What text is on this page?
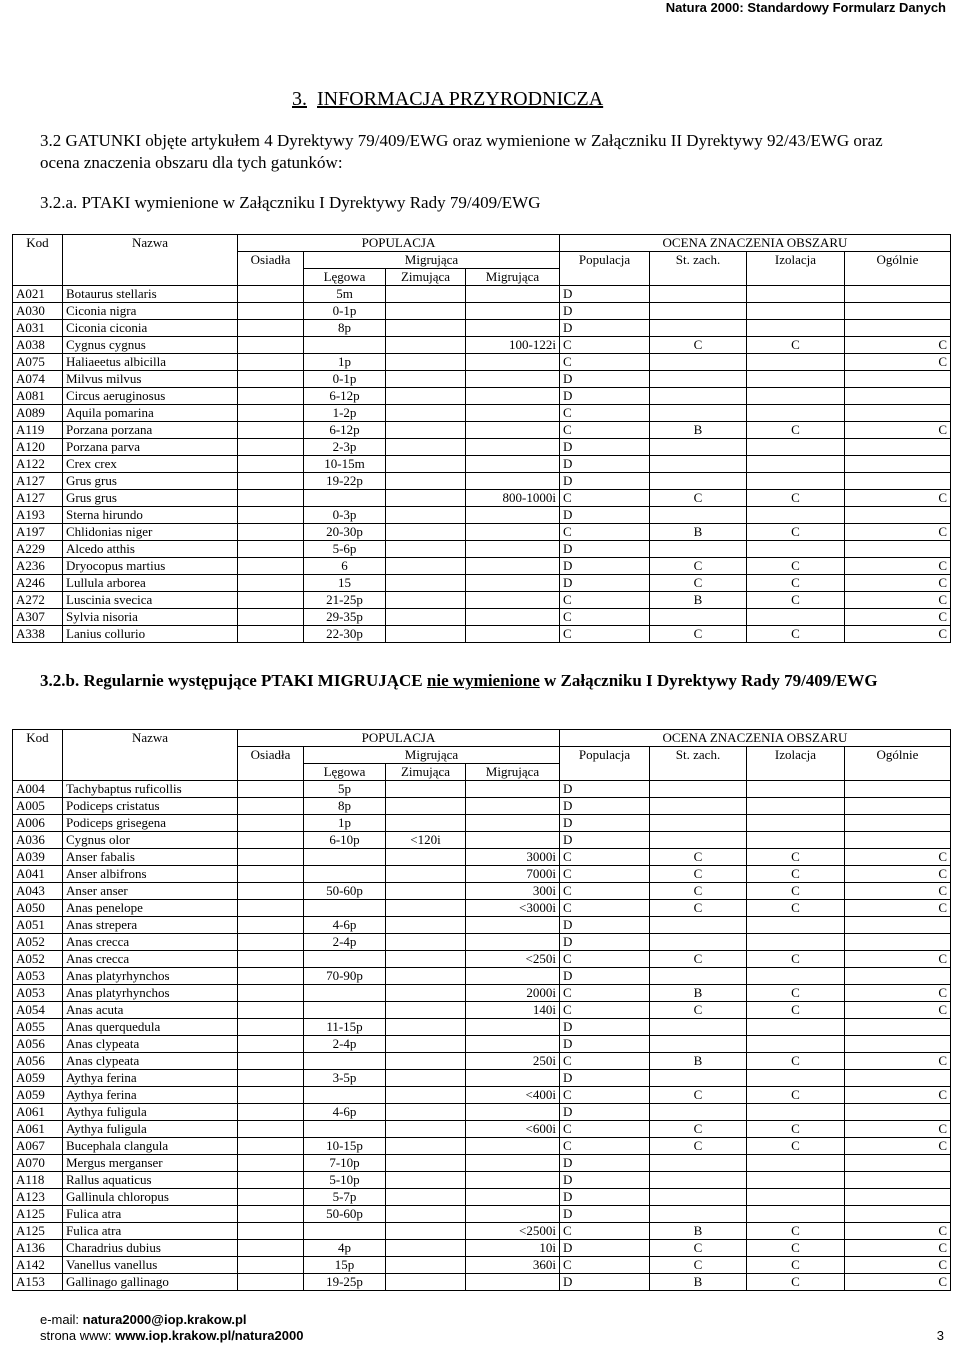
Natura 2000: Standardowy Formularz Danych
3. INFORMACJA PRZYRODNICZA
3.2 GATUNKI objęte artykułem 4 Dyrektywy 79/409/EWG oraz wymienione w Załączniku II Dyrektywy 92/43/EWG oraz ocena znaczenia obszaru dla tych gatunków:
3.2.a. PTAKI wymienione w Załączniku I Dyrektywy Rady 79/409/EWG
Kod	Nazwa	POPULACJA				OCENA ZNACZENIA OBSZARU			
		Osiadła	Migrująca			Populacja	St. zach.	Izolacja	Ogólnie
			Lęgowa	Zimująca	Migrująca				
A021	Botaurus stellaris		5m			D			
A030	Ciconia nigra		0-1p			D			
A031	Ciconia ciconia		8p			D			
A038	Cygnus cygnus				100-122i	C	C	C	C
A075	Haliaeetus albicilla		1p			C			C
A074	Milvus milvus		0-1p			D			
A081	Circus aeruginosus		6-12p			D			
A089	Aquila pomarina		1-2p			C			
A119	Porzana porzana		6-12p			C	B	C	C
A120	Porzana parva		2-3p			D			
A122	Crex crex		10-15m			D			
A127	Grus grus		19-22p			D			
A127	Grus grus				800-1000i	C	C	C	C
A193	Sterna hirundo		0-3p			D			
A197	Chlidonias niger		20-30p			C	B	C	C
A229	Alcedo atthis		5-6p			D			
A236	Dryocopus martius		6			D	C	C	C
A246	Lullula arborea		15			D	C	C	C
A272	Luscinia svecica		21-25p			C	B	C	C
A307	Sylvia nisoria		29-35p			C			C
A338	Lanius collurio		22-30p			C	C	C	C
3.2.b. Regularnie występujące PTAKI MIGRUJĄCE nie wymienione w Załączniku I Dyrektywy Rady 79/409/EWG
Kod	Nazwa	POPULACJA				OCENA ZNACZENIA OBSZARU			
		Osiadła	Migrująca			Populacja	St. zach.	Izolacja	Ogólnie
			Lęgowa	Zimująca	Migrująca				
A004	Tachybaptus ruficollis		5p			D			
A005	Podiceps cristatus		8p			D			
A006	Podiceps grisegena		1p			D			
A036	Cygnus olor		6-10p	<120i		D			
A039	Anser fabalis				3000i	C	C	C	C
A041	Anser albifrons				7000i	C	C	C	C
A043	Anser anser		50-60p		300i	C	C	C	C
A050	Anas penelope				<3000i	C	C	C	C
A051	Anas strepera		4-6p			D			
A052	Anas crecca		2-4p			D			
A052	Anas crecca				<250i	C	C	C	C
A053	Anas platyrhynchos		70-90p			D			
A053	Anas platyrhynchos				2000i	C	B	C	C
A054	Anas acuta				140i	C	C	C	C
A055	Anas querquedula		11-15p			D			
A056	Anas clypeata		2-4p			D			
A056	Anas clypeata				250i	C	B	C	C
A059	Aythya ferina		3-5p			D			
A059	Aythya ferina				<400i	C	C	C	C
A061	Aythya fuligula		4-6p			D			
A061	Aythya fuligula				<600i	C	C	C	C
A067	Bucephala clangula		10-15p			C	C	C	C
A070	Mergus merganser		7-10p			D			
A118	Rallus aquaticus		5-10p			D			
A123	Gallinula chloropus		5-7p			D			
A125	Fulica atra		50-60p			D			
A125	Fulica atra				<2500i	C	B	C	C
A136	Charadrius dubius		4p		10i	D	C	C	C
A142	Vanellus vanellus		15p		360i	C	C	C	C
A153	Gallinago gallinago		19-25p			D	B	C	C
e-mail: natura2000@iop.krakow.pl
strona www: www.iop.krakow.pl/natura2000	3
